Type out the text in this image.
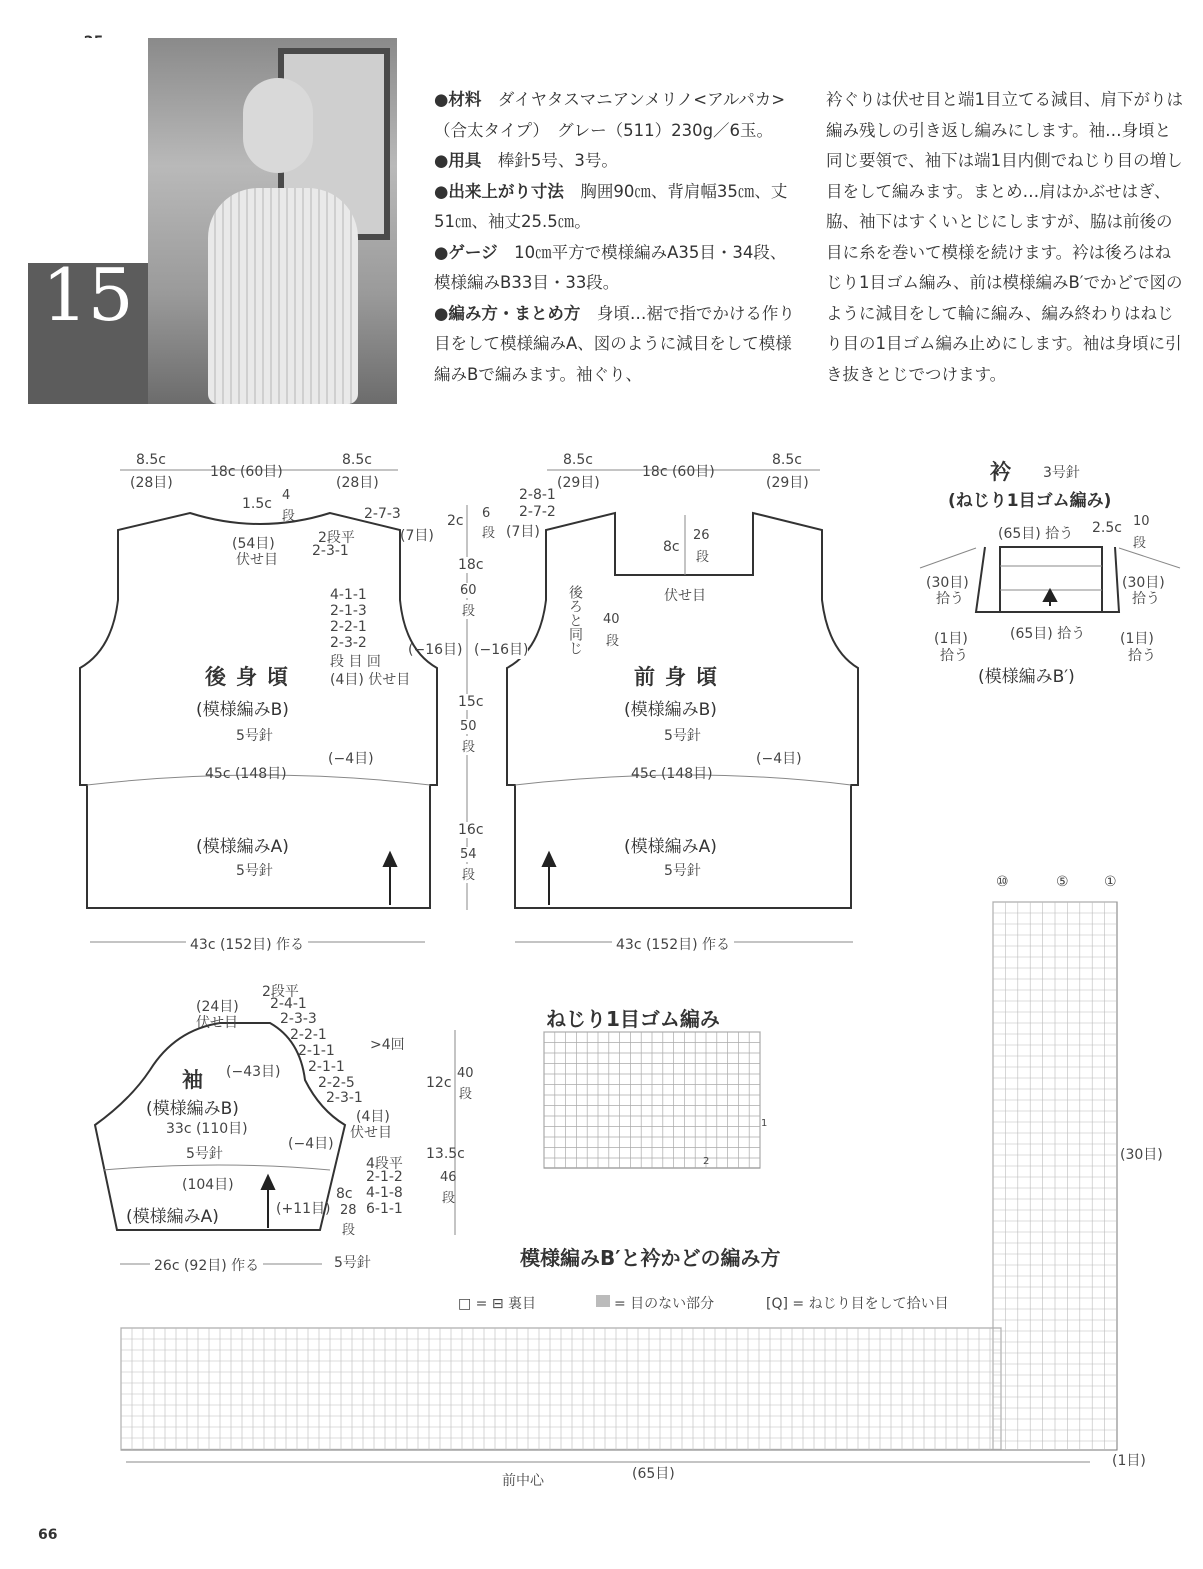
15

●材料　 ダイヤタスマニアンメリノ<アルパカ>（合太タイプ）　グレー（511）230g／6玉。

●用具　 棒針5号、3号。

●出来上がり寸法　 胸囲90㎝、背肩幅35㎝、丈51㎝、袖丈25.5㎝。

●ゲージ　 10㎝平方で模様編みA35目・34段、模様編みB33目・33段。

●編み方・まとめ方　 身頃…裾で指でかける作り目をして模様編みA、図のように減目をして模様編みBで編みます。袖ぐり、

衿ぐりは伏せ目と端1目立てる減目、肩下がりは編み残しの引き返し編みにします。袖…身頃と同じ要領で、袖下は端1目内側でねじり目の増し目をして編みます。まとめ…肩はかぶせはぎ、脇、袖下はすくいとじにしますが、脇は前後の目に糸を巻いて模様を続けます。衿は後ろはねじり1目ゴム編み、前は模様編みB′でかどで図のように減目をして輪に編み、編み終わりはねじり目の1目ゴム編み止めにします。袖は身頃に引き抜きとじでつけます。

8.5c
(28目)
18c (60目)
8.5c
(28目)
1.5c
4
段
(54目)
伏せ目
2段平
2-3-1
2-7-3
(7目)
4-1-1
2-1-3
2-2-1
2-3-2
段 目 回
(4目) 伏せ目
(−16目)
後身頃
(模様編みB)
5号針
(−4目)
45c (148目)
(模様編みA)
5号針
43c (152目) 作る
2c 6
段
18c
60
段
(−16目)
15c
50
段
16c
54
段
2-8-1
2-7-2
(7目)
8.5c
(29目)
18c (60目)
8.5c
(29目)
8c
26
段
伏せ目
後ろと同じ 40
段
前身頃
(模様編みB)
5号針
(−4目)
45c (148目)
(模様編みA)
5号針
43c (152目) 作る
衿 3号針
(ねじり1目ゴム編み)
(65目) 拾う 2.5c 10
段
(30目)
拾う
(30目)
拾う
(65目) 拾う
(1目)
拾う
(1目)
拾う
(模様編みB′)
(24目)
伏せ目
2段平
2-4-1
2-3-3
2-2-1
2-1-1	>4回
2-1-1
2-2-5
2-3-1
(4目)
伏せ目
袖 (−43目)
(模様編みB)
33c (110目)
(−4目)
5号針
(104目)
(模様編みA)	(+11目)
4段平
2-1-2
4-1-8
6-1-1
8c
28
段
5号針
12c
40
段
13.5c
46
段
26c (92目) 作る
ねじり1目ゴム編み
1
2
模様編みB′と衿かどの編み方
□ = ⊟ 裏目	= 目のない部分	[Q] = ねじり目をして拾い目
⑩	⑤	①
(30目)
(65目)
(1目)
前中心
66
